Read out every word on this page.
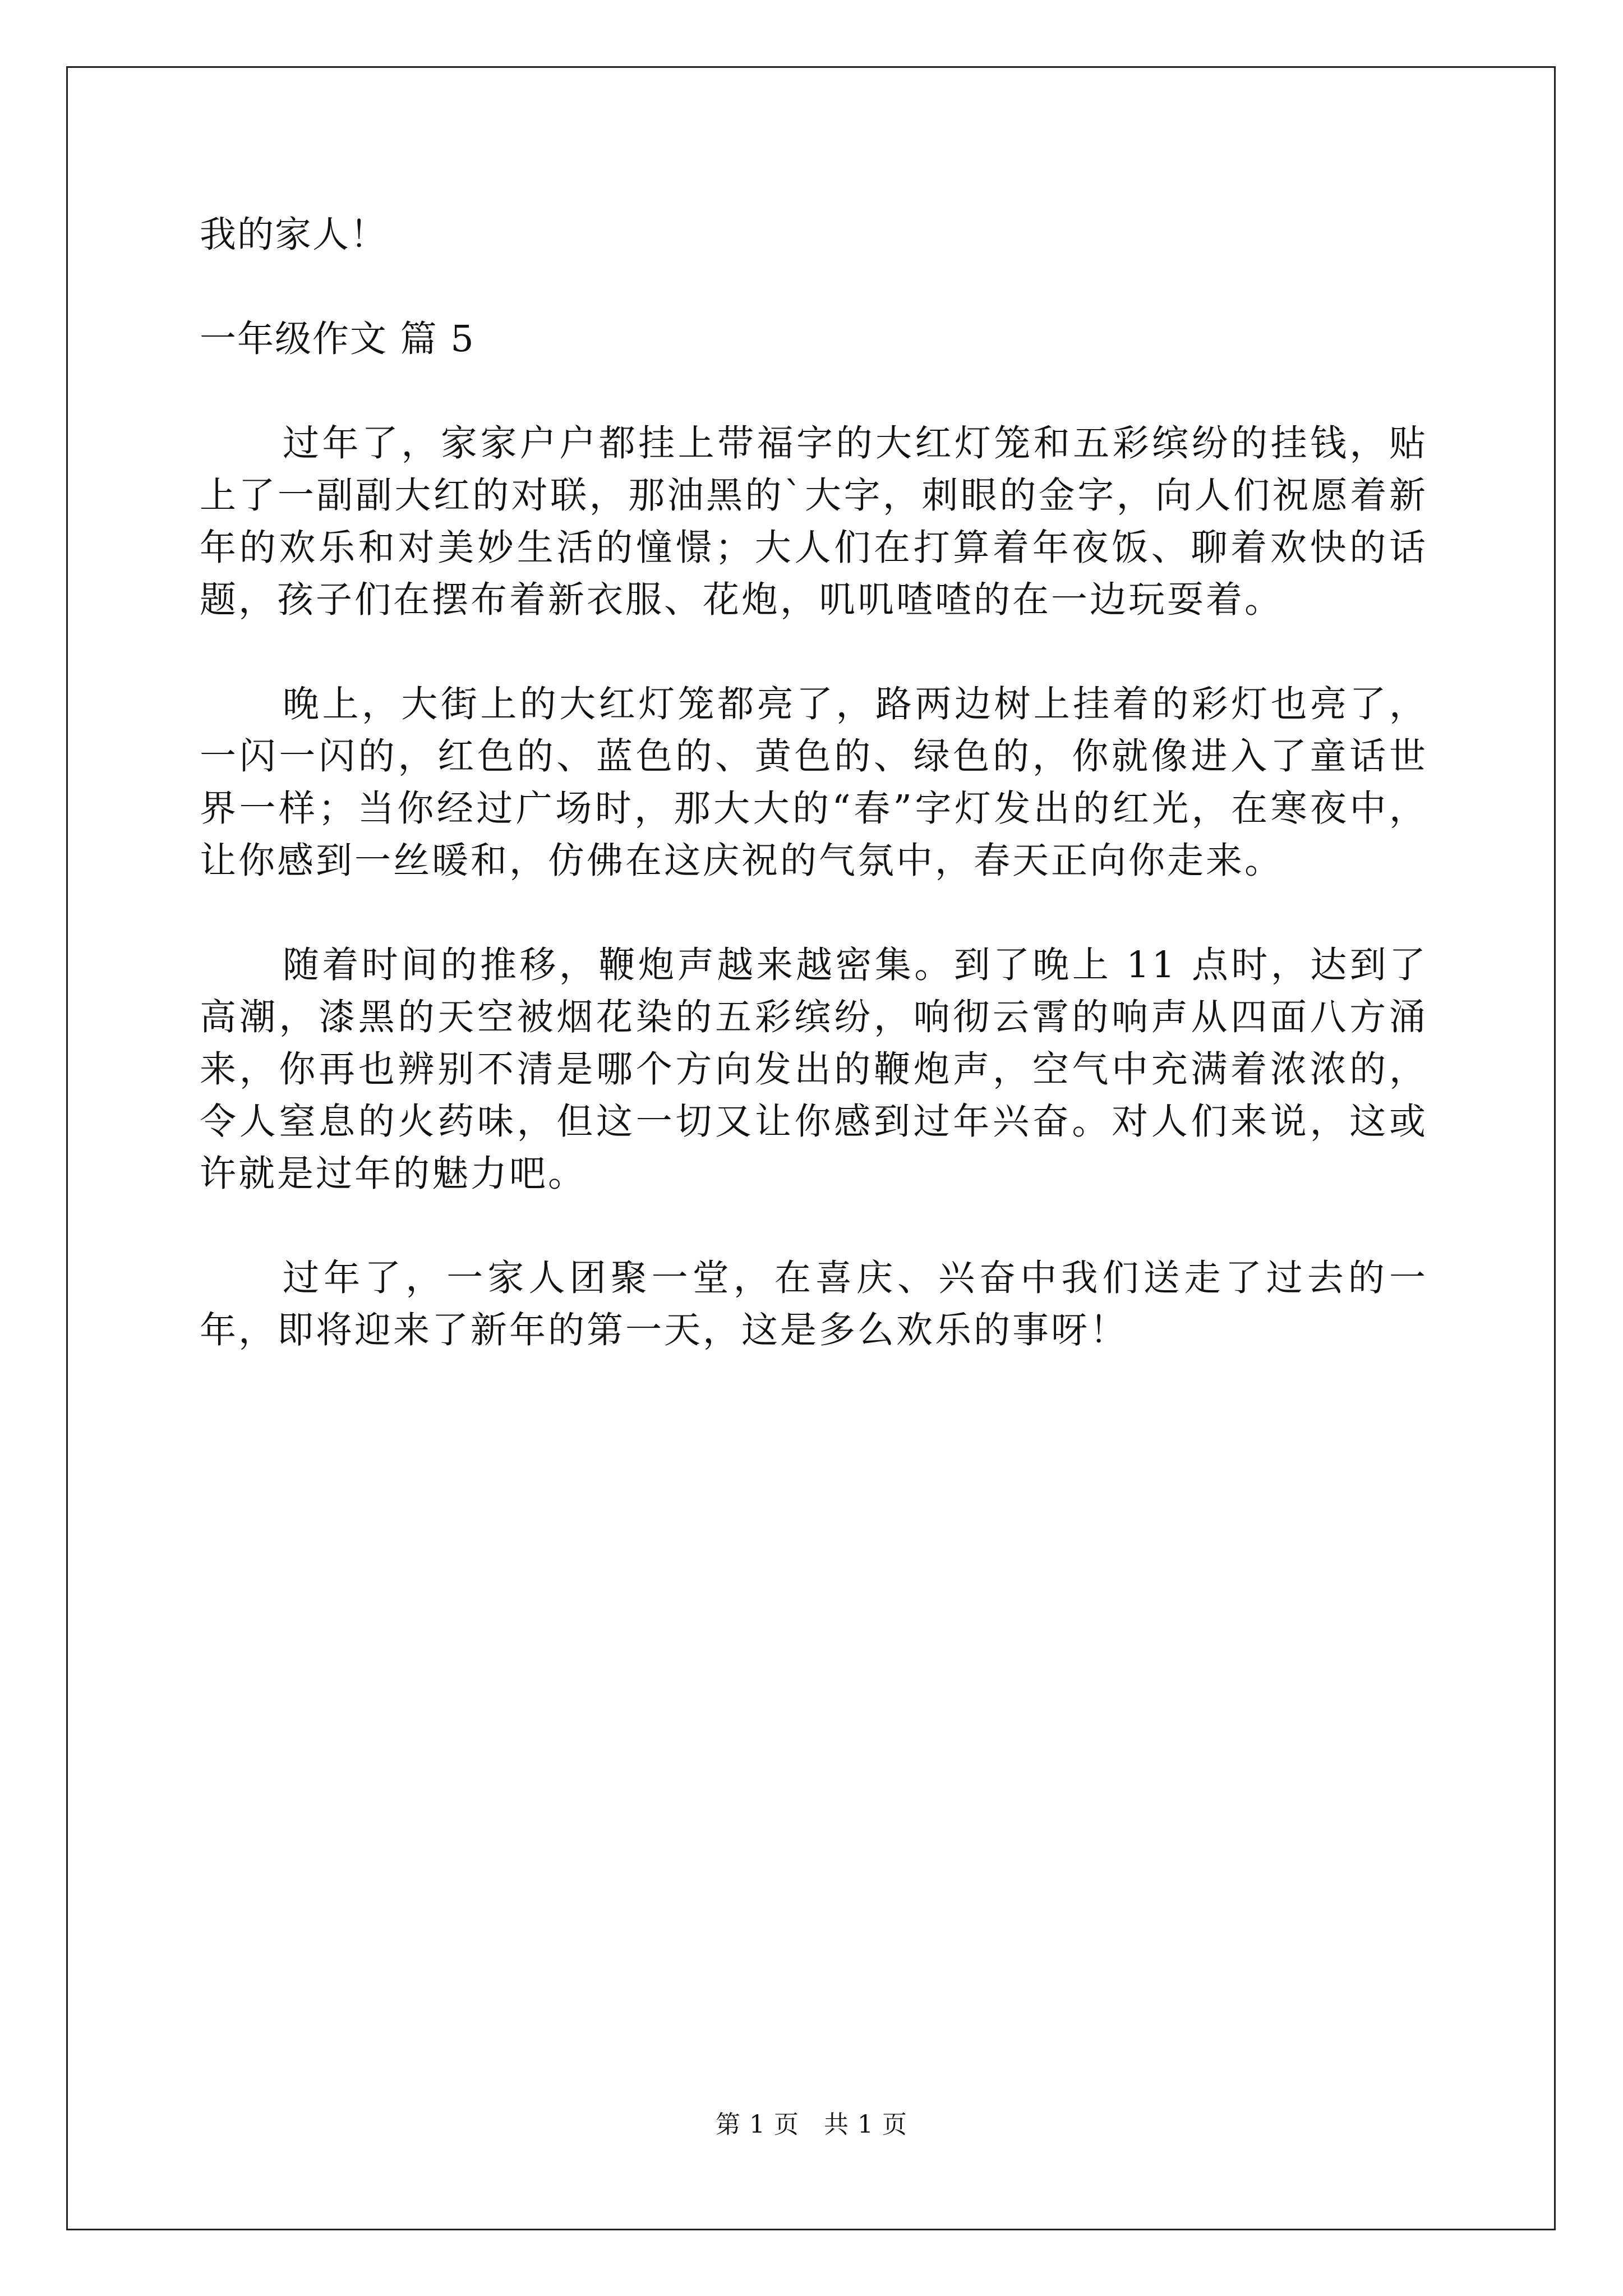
我的家人！

一年级作文 篇 5

过年了，家家户户都挂上带福字的大红灯笼和五彩缤纷的挂钱，贴上了一副副大红的对联，那油黑的`大字，刺眼的金字，向人们祝愿着新年的欢乐和对美妙生活的憧憬；大人们在打算着年夜饭、聊着欢快的话题，孩子们在摆布着新衣服、花炮，叽叽喳喳的在一边玩耍着。

晚上，大街上的大红灯笼都亮了，路两边树上挂着的彩灯也亮了，一闪一闪的，红色的、蓝色的、黄色的、绿色的，你就像进入了童话世界一样；当你经过广场时，那大大的“春”字灯发出的红光，在寒夜中，让你感到一丝暖和，仿佛在这庆祝的气氛中，春天正向你走来。

随着时间的推移，鞭炮声越来越密集。到了晚上 11 点时，达到了高潮，漆黑的天空被烟花染的五彩缤纷，响彻云霄的响声从四面八方涌来，你再也辨别不清是哪个方向发出的鞭炮声，空气中充满着浓浓的，令人窒息的火药味，但这一切又让你感到过年兴奋。对人们来说，这或许就是过年的魅力吧。

过年了，一家人团聚一堂，在喜庆、兴奋中我们送走了过去的一年，即将迎来了新年的第一天，这是多么欢乐的事呀！

第 1 页 共 1 页
